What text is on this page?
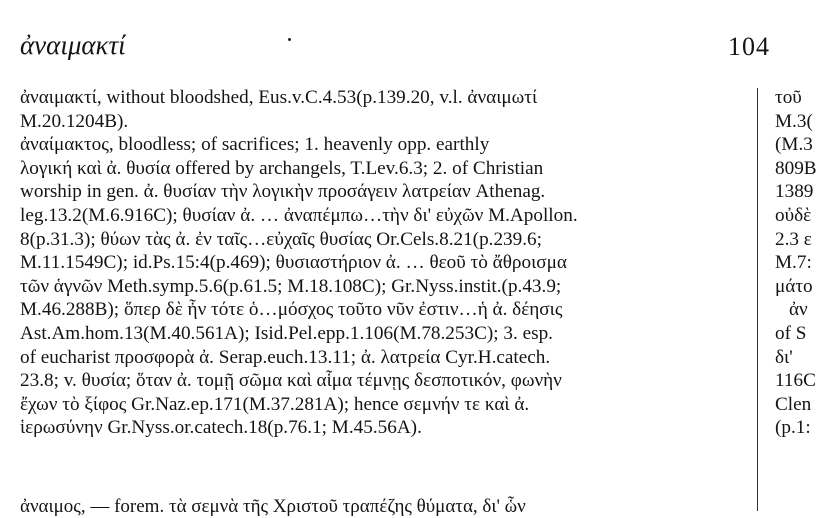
ἀναιμακτί	104
ἀναιμακτί, without bloodshed, Eus.v.C.4.53(p.139.20, v.l. ἀναιμωτί
M.20.1204B).
ἀναίμακτος, bloodless; of sacrifices; 1. heavenly opp. earthly
λογική καὶ ἀ. θυσία offered by archangels, T.Lev.6.3; 2. of Christian
worship in gen. ἀ. θυσίαν τὴν λογικὴν προσάγειν λατρείαν Athenag.
leg.13.2(M.6.916C); θυσίαν ἀ. … ἀναπέμπω…τὴν δι' εὐχῶν M.Apollon.
8(p.31.3); θύων τὰς ἀ. ἐν ταῖς…εὐχαῖς θυσίας Or.Cels.8.21(p.239.6;
M.11.1549C); id.Ps.15:4(p.469); θυσιαστήριον ἀ. … θεοῦ τὸ ἄθροισμα
τῶν ἁγνῶν Meth.symp.5.6(p.61.5; M.18.108C); Gr.Nyss.instit.(p.43.9;
M.46.288B); ὅπερ δὲ ἦν τότε ὁ…μόσχος τοῦτο νῦν ἐστιν…ἡ ἀ. δέησις
Ast.Am.hom.13(M.40.561A); Isid.Pel.epp.1.106(M.78.253C); 3. esp.
of eucharist προσφορὰ ἀ. Serap.euch.13.11; ἀ. λατρεία Cyr.H.catech.
23.8; v. θυσία; ὅταν ἀ. τομῇ σῶμα καὶ αἷμα τέμνῃς δεσποτικόν, φωνὴν
ἔχων τὸ ξίφος Gr.Naz.ep.171(M.37.281A); hence σεμνήν τε καὶ ἀ.
ἱερωσύνην Gr.Nyss.or.catech.18(p.76.1; M.45.56A).
ἀναιμος, — forem. τὰ σεμνὰ τῆς Χριστοῦ τραπέζης θύματα, δι' ὧν
τοῦ
M.3(
(M.3
809B
1389
οὐδὲ
2.3 ε
M.7:
μάτο
ἀν
of S
δι'
116C
Clen
(p.1:
